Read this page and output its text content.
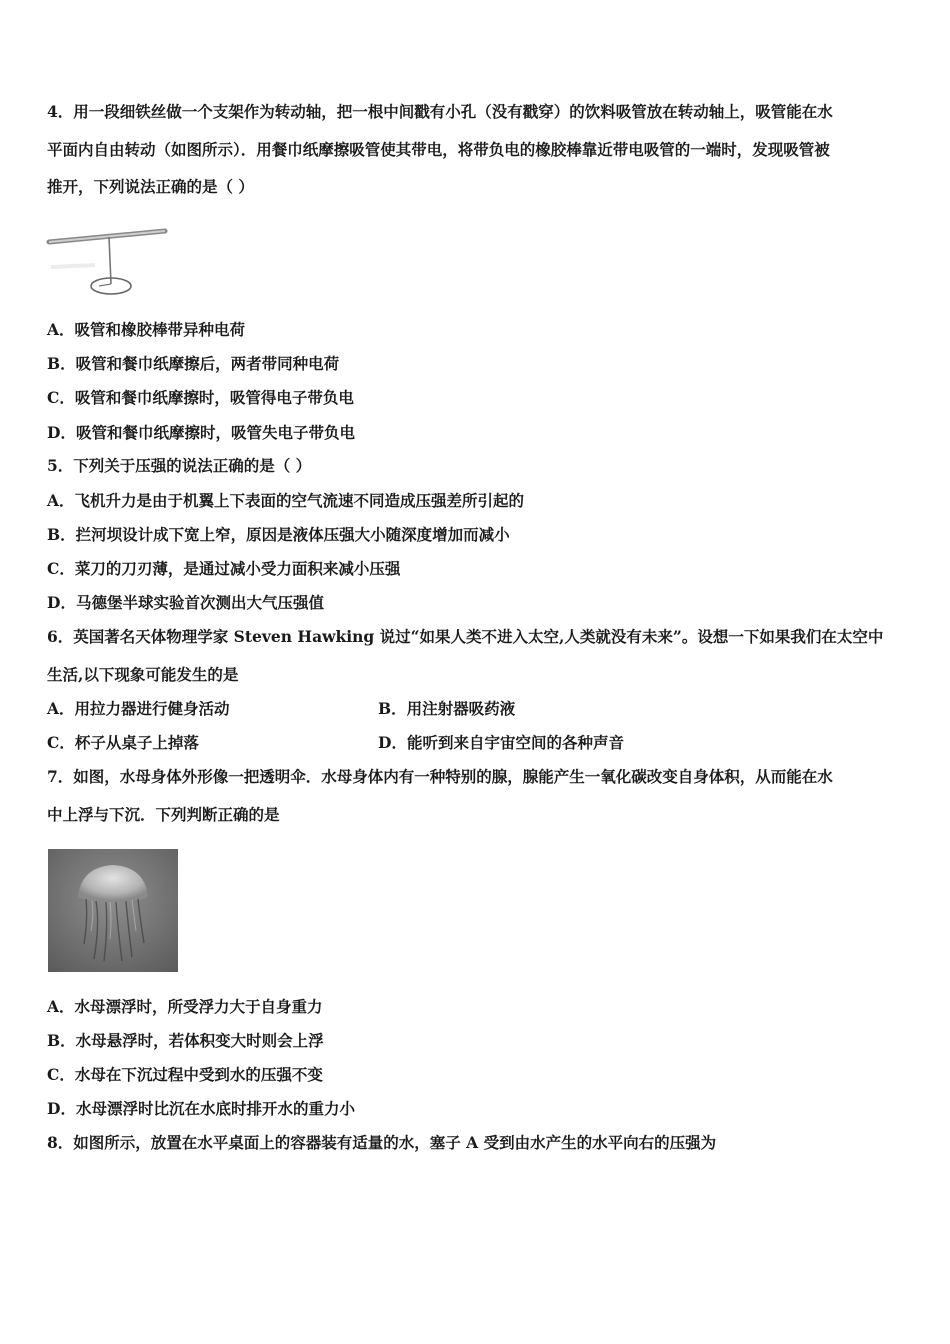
4．用一段细铁丝做一个支架作为转动轴，把一根中间戳有小孔（没有戳穿）的饮料吸管放在转动轴上，吸管能在水
平面内自由转动（如图所示）．用餐巾纸摩擦吸管使其带电，将带负电的橡胶棒靠近带电吸管的一端时，发现吸管被
推开，下列说法正确的是（ ）
A．吸管和橡胶棒带异种电荷
B．吸管和餐巾纸摩擦后，两者带同种电荷
C．吸管和餐巾纸摩擦时，吸管得电子带负电
D．吸管和餐巾纸摩擦时，吸管失电子带负电
5．下列关于压强的说法正确的是（ ）
A．飞机升力是由于机翼上下表面的空气流速不同造成压强差所引起的
B．拦河坝设计成下宽上窄，原因是液体压强大小随深度增加而减小
C．菜刀的刀刃薄，是通过减小受力面积来减小压强
D．马德堡半球实验首次测出大气压强值
6．英国著名天体物理学家 Steven Hawking 说过“如果人类不进入太空,人类就没有未来”。设想一下如果我们在太空中
生活,以下现象可能发生的是
A．用拉力器进行健身活动	B．用注射器吸药液
C．杯子从桌子上掉落	D．能听到来自宇宙空间的各种声音
7．如图，水母身体外形像一把透明伞．水母身体内有一种特别的腺，腺能产生一氧化碳改变自身体积，从而能在水
中上浮与下沉．下列判断正确的是
A．水母漂浮时，所受浮力大于自身重力
B．水母悬浮时，若体积变大时则会上浮
C．水母在下沉过程中受到水的压强不变
D．水母漂浮时比沉在水底时排开水的重力小
8．如图所示，放置在水平桌面上的容器装有适量的水，塞子 A 受到由水产生的水平向右的压强为
